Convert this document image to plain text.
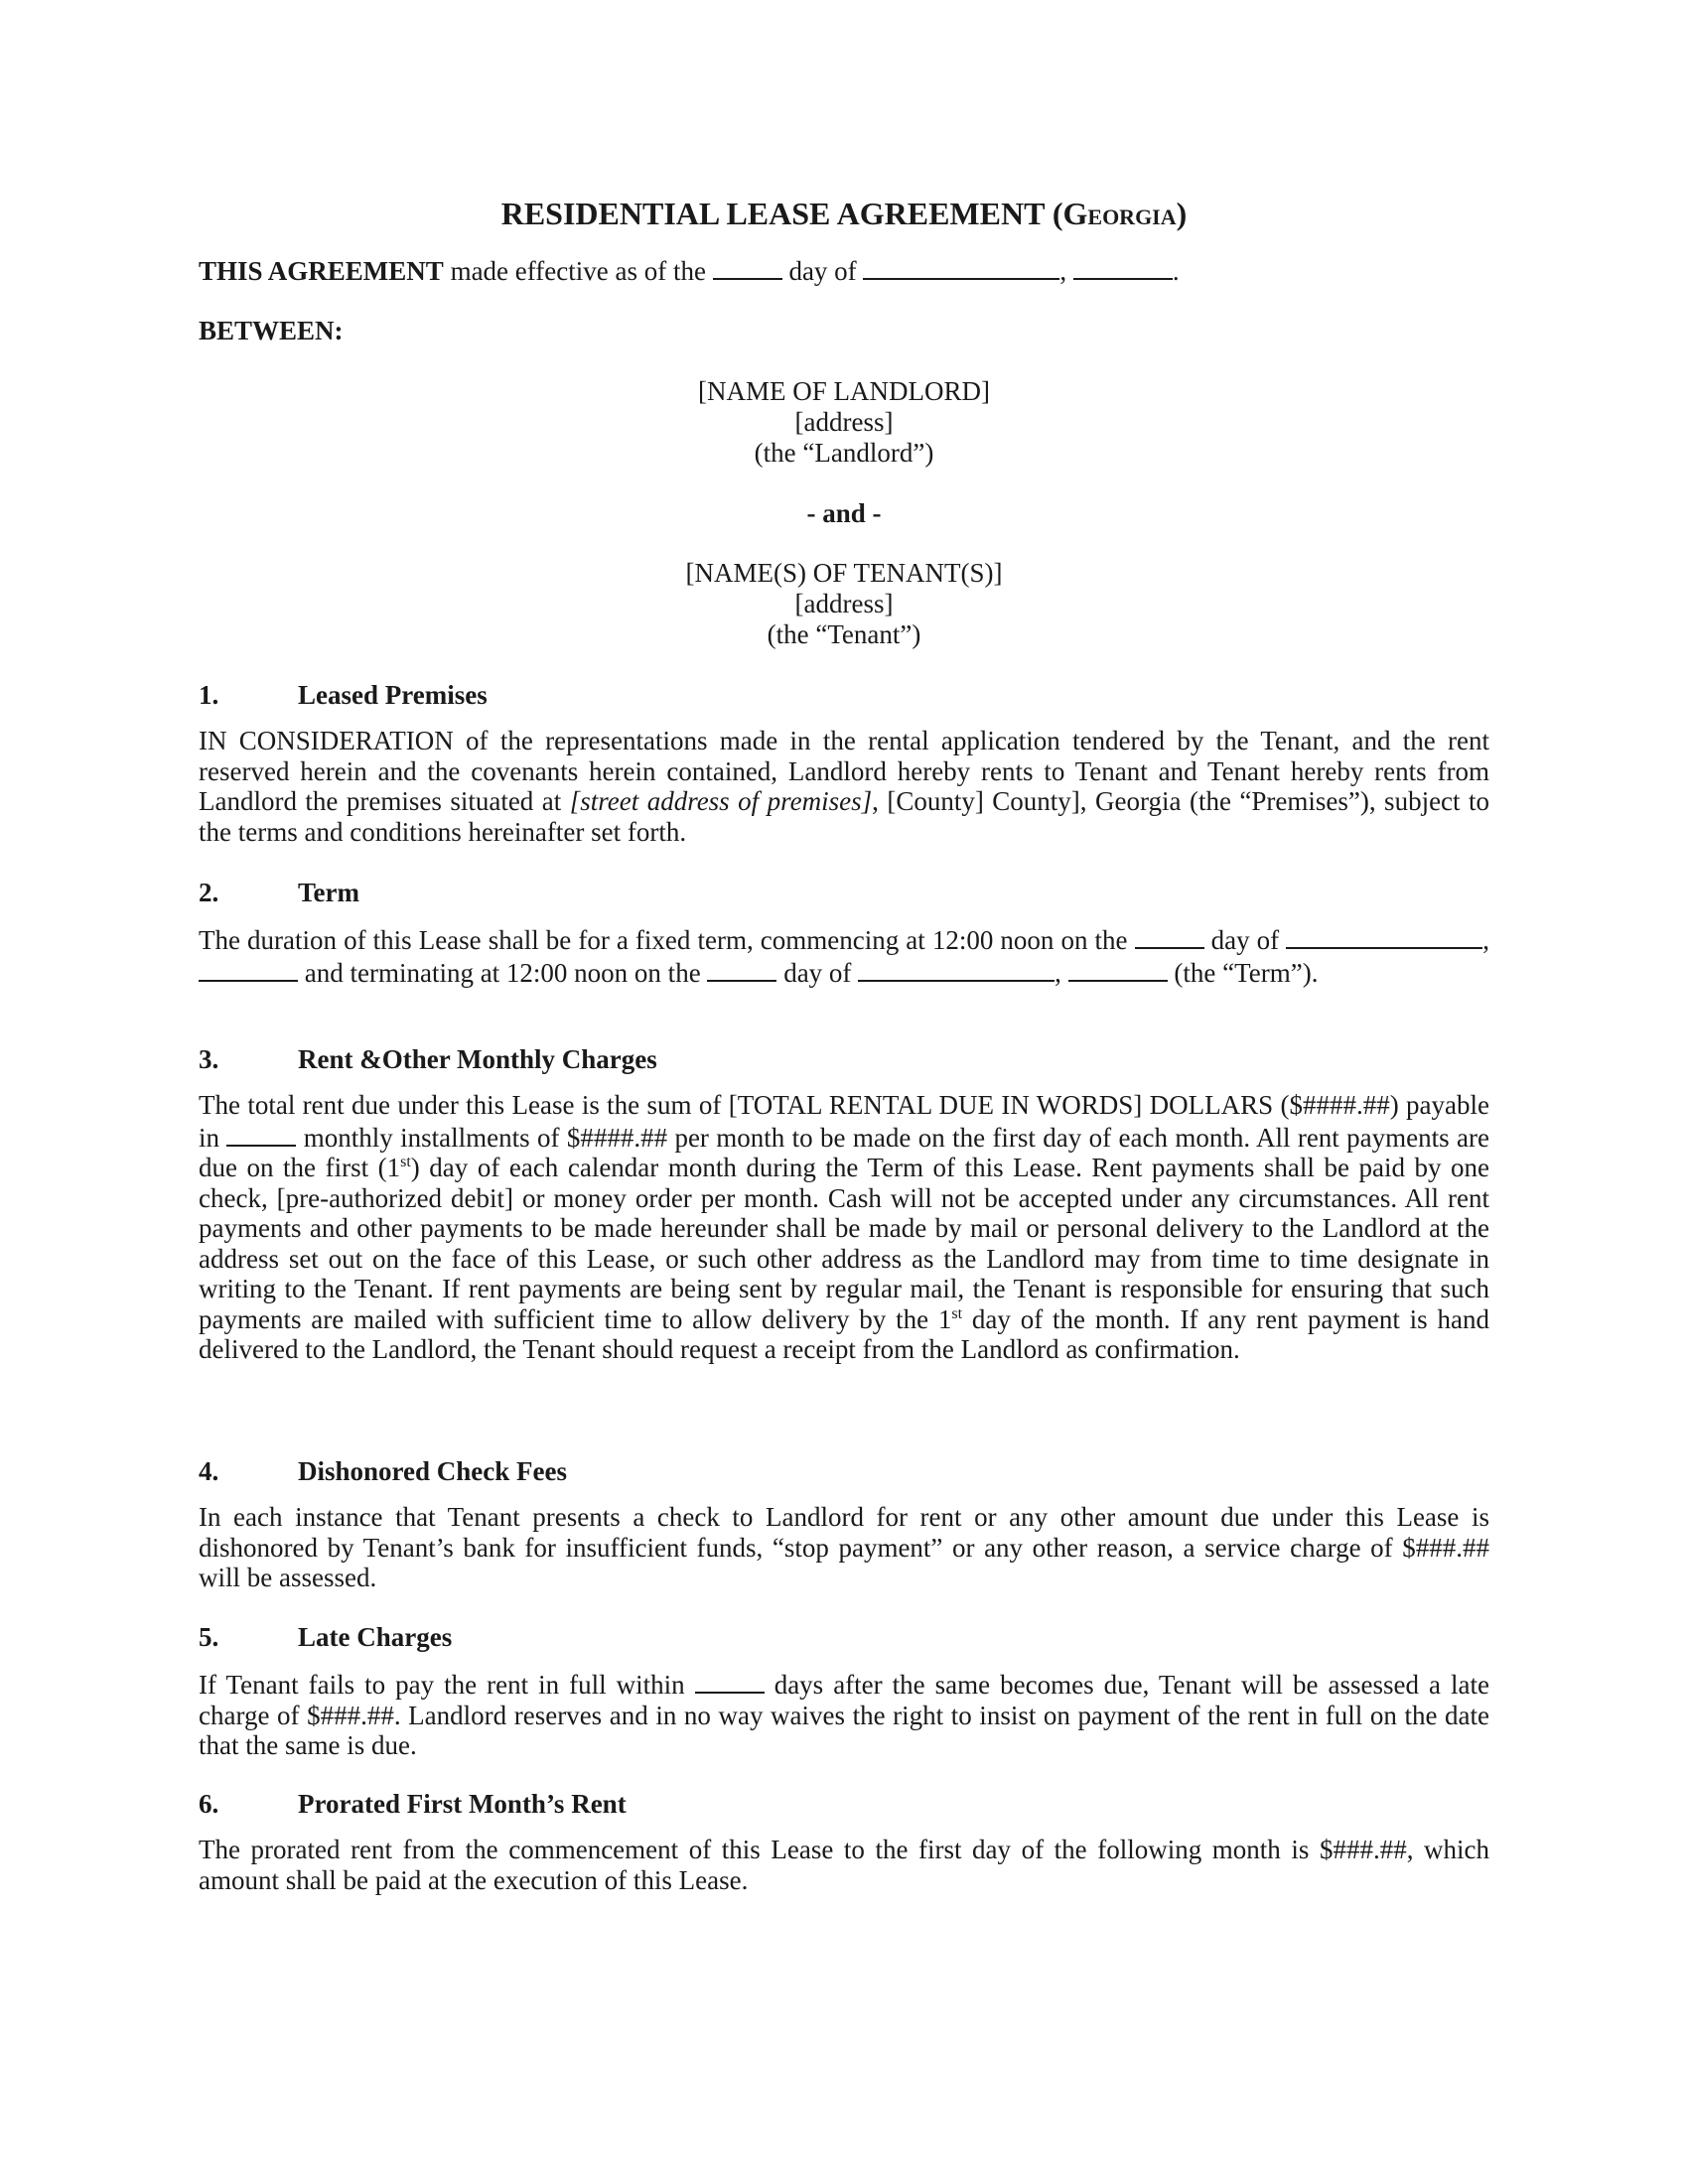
RESIDENTIAL LEASE AGREEMENT (Georgia)
THIS AGREEMENT made effective as of the	day of	,	.
BETWEEN:
[NAME OF LANDLORD]
[address]
(the “Landlord”)
- and -
[NAME(S) OF TENANT(S)]
[address]
(the “Tenant”)
1.	Leased Premises

IN CONSIDERATION of the representations made in the rental application tendered by the Tenant, and the rent reserved herein and the covenants herein contained, Landlord hereby rents to Tenant and Tenant hereby rents from Landlord the premises situated at [street address of premises], [County] County], Georgia (the “Premises”), subject to the terms and conditions hereinafter set forth.

2.	Term

The duration of this Lease shall be for a fixed term, commencing at 12:00 noon on the	day of	,  and terminating at 12:00 noon on the	day of	,	(the “Term”).

3.	Rent &Other Monthly Charges

The total rent due under this Lease is the sum of [TOTAL RENTAL DUE IN WORDS] DOLLARS ($####.##) payable in	monthly installments of $####.## per month to be made on the first day of each month. All rent payments are due on the first (1st) day of each calendar month during the Term of this Lease. Rent payments shall be paid by one check, [pre-authorized debit] or money order per month. Cash will not be accepted under any circumstances. All rent payments and other payments to be made hereunder shall be made by mail or personal delivery to the Landlord at the address set out on the face of this Lease, or such other address as the Landlord may from time to time designate in writing to the Tenant. If rent payments are being sent by regular mail, the Tenant is responsible for ensuring that such payments are mailed with sufficient time to allow delivery by the 1st day of the month. If any rent payment is hand delivered to the Landlord, the Tenant should request a receipt from the Landlord as confirmation.

4.	Dishonored Check Fees

In each instance that Tenant presents a check to Landlord for rent or any other amount due under this Lease is dishonored by Tenant’s bank for insufficient funds, “stop payment” or any other reason, a service charge of $###.## will be assessed.

5.	Late Charges

If Tenant fails to pay the rent in full within	days after the same becomes due, Tenant will be assessed a late charge of $###.##. Landlord reserves and in no way waives the right to insist on payment of the rent in full on the date that the same is due.

6.	Prorated First Month’s Rent

The prorated rent from the commencement of this Lease to the first day of the following month is $###.##, which amount shall be paid at the execution of this Lease.
